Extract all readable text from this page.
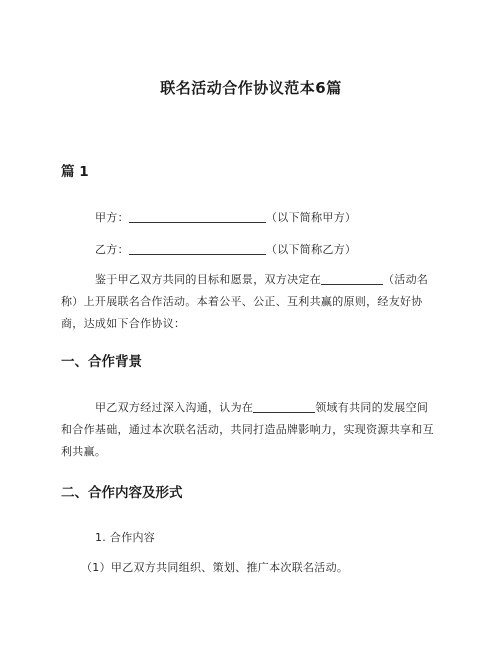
联名活动合作协议范本6篇
篇 1
甲方：	（以下简称甲方）
乙方：	（以下简称乙方）
鉴于甲乙双方共同的目标和愿景，双方决定在	（活动名称）上开展联名合作活动。本着公平、公正、互利共赢的原则，经友好协商，达成如下合作协议：
一、合作背景
甲乙双方经过深入沟通，认为在	领域有共同的发展空间和合作基础，通过本次联名活动，共同打造品牌影响力，实现资源共享和互利共赢。
二、合作内容及形式
1. 合作内容
（1）甲乙双方共同组织、策划、推广本次联名活动。
